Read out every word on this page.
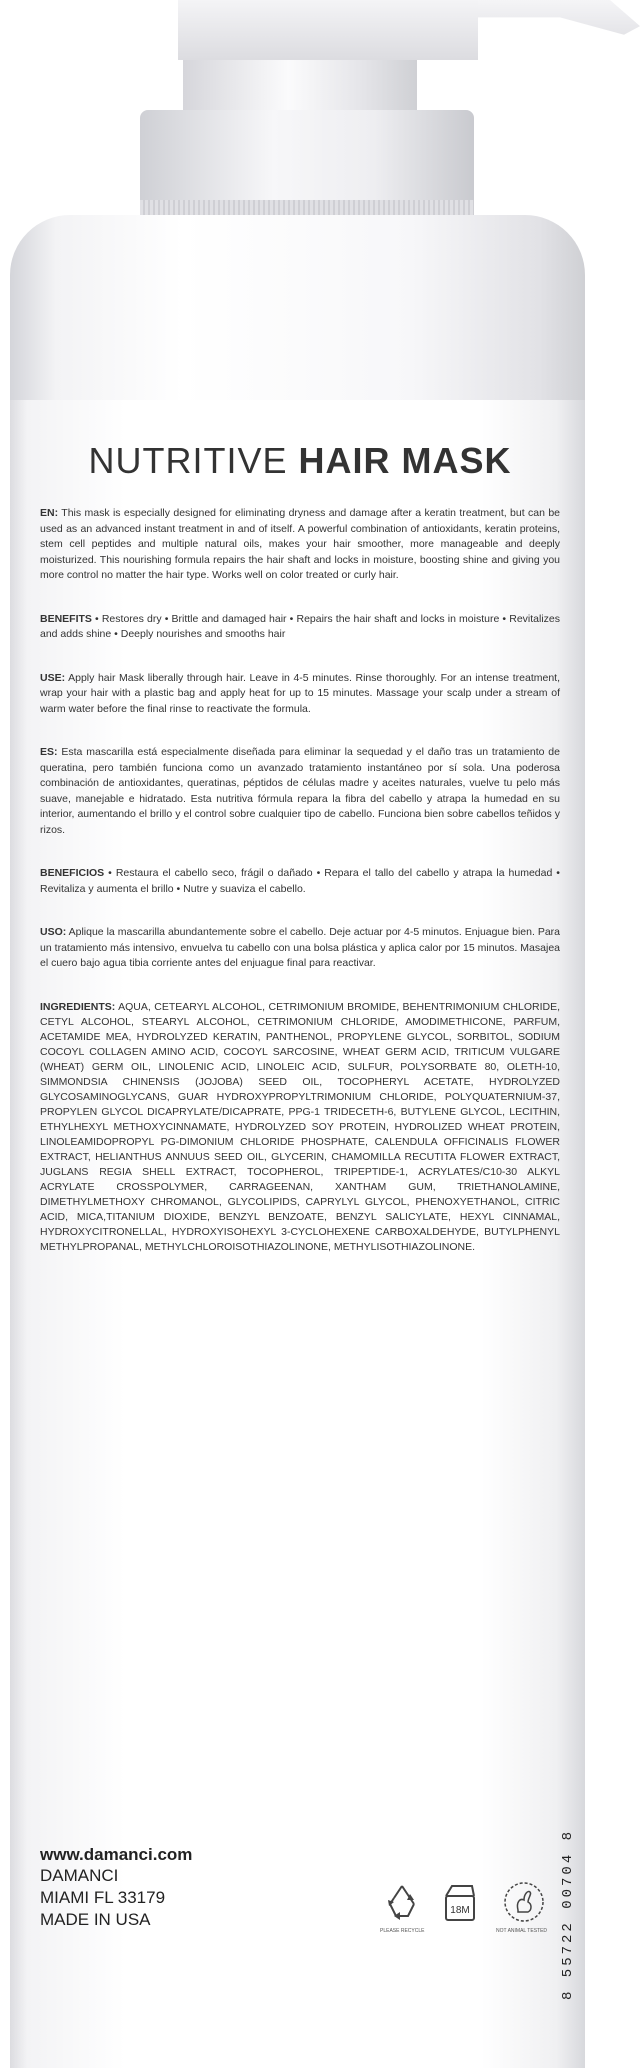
NUTRITIVE HAIR MASK
EN: This mask is especially designed for eliminating dryness and damage after a keratin treatment, but can be used as an advanced instant treatment in and of itself. A powerful combination of antioxidants, keratin proteins, stem cell peptides and multiple natural oils, makes your hair smoother, more manageable and deeply moisturized. This nourishing formula repairs the hair shaft and locks in moisture, boosting shine and giving you more control no matter the hair type. Works well on color treated or curly hair.
BENEFITS • Restores dry • Brittle and damaged hair • Repairs the hair shaft and locks in moisture • Revitalizes and adds shine • Deeply nourishes and smooths hair
USE: Apply hair Mask liberally through hair. Leave in 4-5 minutes. Rinse thoroughly. For an intense treatment, wrap your hair with a plastic bag and apply heat for up to 15 minutes. Massage your scalp under a stream of warm water before the final rinse to reactivate the formula.
ES: Esta mascarilla está especialmente diseñada para eliminar la sequedad y el daño tras un tratamiento de queratina, pero también funciona como un avanzado tratamiento instantáneo por sí sola. Una poderosa combinación de antioxidantes, queratinas, péptidos de células madre y aceites naturales, vuelve tu pelo más suave, manejable e hidratado. Esta nutritiva fórmula repara la fibra del cabello y atrapa la humedad en su interior, aumentando el brillo y el control sobre cualquier tipo de cabello. Funciona bien sobre cabellos teñidos y rizos.
BENEFICIOS • Restaura el cabello seco, frágil o dañado • Repara el tallo del cabello y atrapa la humedad • Revitaliza y aumenta el brillo • Nutre y suaviza el cabello.
USO: Aplique la mascarilla abundantemente sobre el cabello. Deje actuar por 4-5 minutos. Enjuague bien. Para un tratamiento más intensivo, envuelva tu cabello con una bolsa plástica y aplica calor por 15 minutos. Masajea el cuero bajo agua tibia corriente antes del enjuague final para reactivar.
INGREDIENTS: AQUA, CETEARYL ALCOHOL, CETRIMONIUM BROMIDE, BEHENTRIMONIUM CHLORIDE, CETYL ALCOHOL, STEARYL ALCOHOL, CETRIMONIUM CHLORIDE, AMODIMETHICONE, PARFUM, ACETAMIDE MEA, HYDROLYZED KERATIN, PANTHENOL, PROPYLENE GLYCOL, SORBITOL, SODIUM COCOYL COLLAGEN AMINO ACID, COCOYL SARCOSINE, WHEAT GERM ACID, TRITICUM VULGARE (WHEAT) GERM OIL, LINOLENIC ACID, LINOLEIC ACID, SULFUR, POLYSORBATE 80, OLETH-10, SIMMONDSIA CHINENSIS (JOJOBA) SEED OIL, TOCOPHERYL ACETATE, HYDROLYZED GLYCOSAMINOGLYCANS, GUAR HYDROXYPROPYLTRIMONIUM CHLORIDE, POLYQUATERNIUM-37, PROPYLEN GLYCOL DICAPRYLATE/DICAPRATE, PPG-1 TRIDECETH-6, BUTYLENE GLYCOL, LECITHIN, ETHYLHEXYL METHOXYCINNAMATE, HYDROLYZED SOY PROTEIN, HYDROLIZED WHEAT PROTEIN, LINOLEAMIDOPROPYL PG-DIMONIUM CHLORIDE PHOSPHATE, CALENDULA OFFICINALIS FLOWER EXTRACT, HELIANTHUS ANNUUS SEED OIL, GLYCERIN, CHAMOMILLA RECUTITA FLOWER EXTRACT, JUGLANS REGIA SHELL EXTRACT, TOCOPHEROL, TRIPEPTIDE-1, ACRYLATES/C10-30 ALKYL ACRYLATE CROSSPOLYMER, CARRAGEENAN, XANTHAM GUM, TRIETHANOLAMINE, DIMETHYLMETHOXY CHROMANOL, GLYCOLIPIDS, CAPRYLYL GLYCOL, PHENOXYETHANOL, CITRIC ACID, MICA,TITANIUM DIOXIDE, BENZYL BENZOATE, BENZYL SALICYLATE, HEXYL CINNAMAL, HYDROXYCITRONELLAL, HYDROXYISOHEXYL 3-CYCLOHEXENE CARBOXALDEHYDE, BUTYLPHENYL METHYLPROPANAL, METHYLCHLOROISOTHIAZOLINONE, METHYLISOTHIAZOLINONE.
www.damanci.com
DAMANCI
MIAMI FL 33179
MADE IN USA
PLEASE RECYCLE
18M
NOT ANIMAL TESTED 8 55722 00704 8
